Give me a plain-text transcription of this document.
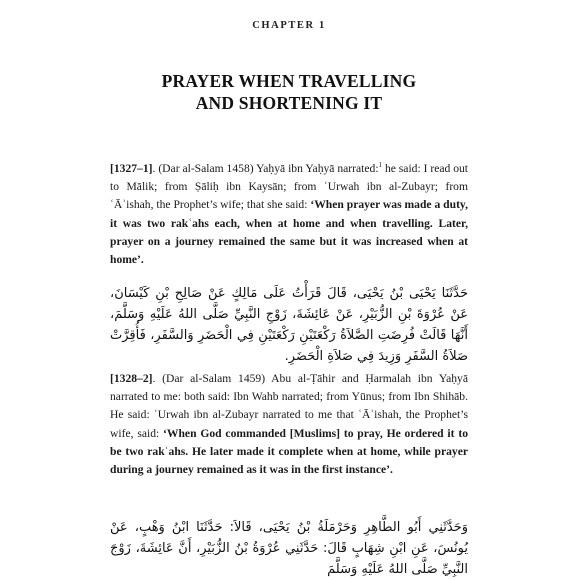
CHAPTER 1
PRAYER WHEN TRAVELLING
AND SHORTENING IT

[1327–1]. (Dar al-Salam 1458) Yaḥyā ibn Yaḥyā narrated:$^1$ he said: I read out to Mālik; from Ṣāliḥ ibn Kaysān; from ʿUrwah ibn al-Zubayr; from ʿĀʾishah, the Prophet’s wife; that she said: ‘When prayer was made a duty, it was two rakʿahs each, when at home and when travelling. Later, prayer on a journey remained the same but it was increased when at home’.

حَدَّثَنَا يَحْيَى بْنُ يَحْيَى، قَالَ قَرَأْتُ عَلَى مَالِكٍ عَنْ صَالِحِ بْنِ كَيْسَانَ، عَنْ عُرْوَةَ بْنِ الزُّبَيْرِ، عَنْ عَائِشَةَ، زَوْجِ النَّبِيِّ صَلَّى اللهُ عَلَيْهِ وَسَلَّمَ، أَنَّهَا قَالَتْ فُرِضَتِ الصَّلاَةُ رَكْعَتَيْنِ رَكْعَتَيْنِ فِي الْحَضَرِ وَالسَّفَرِ، فَأُقِرَّتْ صَلاَةُ السَّفَرِ وَزِيدَ فِي صَلاَةِ الْحَضَرِ.

[1328–2]. (Dar al-Salam 1459) Abu al-Ṭāhir and Ḥarmalah ibn Yaḥyā narrated to me: both said: Ibn Wahb narrated; from Yūnus; from Ibn Shihāb. He said: ʿUrwah ibn al-Zubayr narrated to me that ʿĀʾishah, the Prophet’s wife, said: ‘When God commanded [Muslims] to pray, He ordered it to be two rakʿahs. He later made it complete when at home, while prayer during a journey remained as it was in the first instance’.

وَحَدَّثَنِي أَبُو الطَّاهِرِ وَحَرْمَلَةُ بْنُ يَحْيَى، قَالاَ: حَدَّثَنَا ابْنُ وَهْبٍ، عَنْ يُونُسَ، عَنِ ابْنِ شِهَابٍ قَالَ: حَدَّثَنِي عُرْوَةُ بْنُ الزُّبَيْرِ، أَنَّ عَائِشَةَ، زَوْجَ النَّبِيِّ صَلَّى اللهُ عَلَيْهِ وَسَلَّمَ
